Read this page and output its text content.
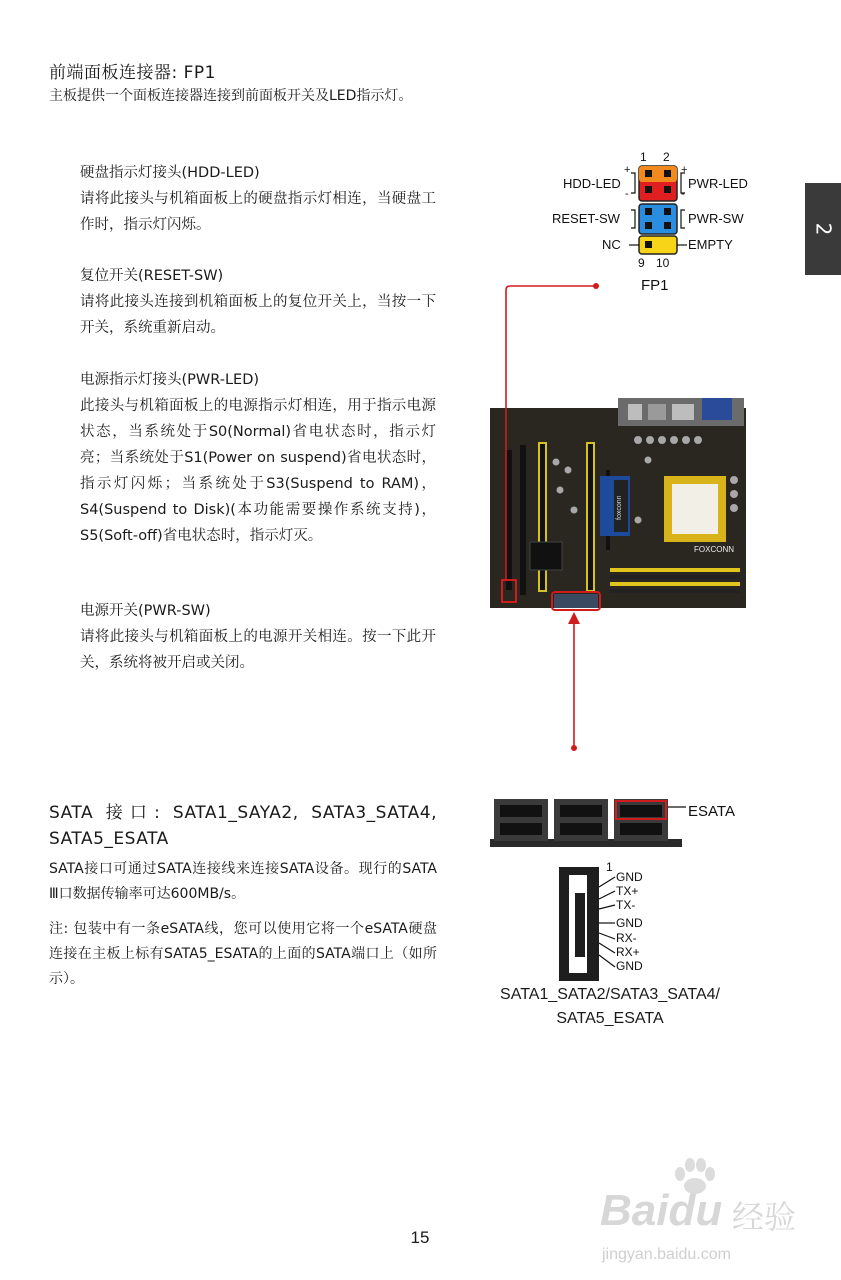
2
前端面板连接器: FP1
主板提供一个面板连接器连接到前面板开关及LED指示灯。
硬盘指示灯接头(HDD-LED)
请将此接头与机箱面板上的硬盘指示灯相连，当硬盘工作时，指示灯闪烁。
复位开关(RESET-SW)
请将此接头连接到机箱面板上的复位开关上，当按一下开关，系统重新启动。
电源指示灯接头(PWR-LED)
此接头与机箱面板上的电源指示灯相连，用于指示电源状态，当系统处于S0(Normal)省电状态时，指示灯亮；当系统处于S1(Power on suspend)省电状态时，指示灯闪烁；当系统处于S3(Suspend to RAM)，S4(Suspend to Disk)(本功能需要操作系统支持)，S5(Soft-off)省电状态时，指示灯灭。
电源开关(PWR-SW)
请将此接头与机箱面板上的电源开关相连。按一下此开关，系统将被开启或关闭。
1 2
+	+
-	-
HDD-LED	PWR-LED
RESET-SW	PWR-SW
NC	EMPTY
9 10
FP1
foxconn
FOXCONN
SATA 接口: SATA1_SAYA2, SATA3_SATA4, SATA5_ESATA
SATA接口可通过SATA连接线来连接SATA设备。现行的SATA Ⅲ口数据传输率可达600MB/s。
注: 包装中有一条eSATA线，您可以使用它将一个eSATA硬盘连接在主板上标有SATA5_ESATA的上面的SATA端口上（如所示）。
ESATA
1
GND
TX+
TX-
GND
RX-
RX+
GND
SATA1_SATA2/SATA3_SATA4/
SATA5_ESATA
15
Baidu 经验
jingyan.baidu.com
